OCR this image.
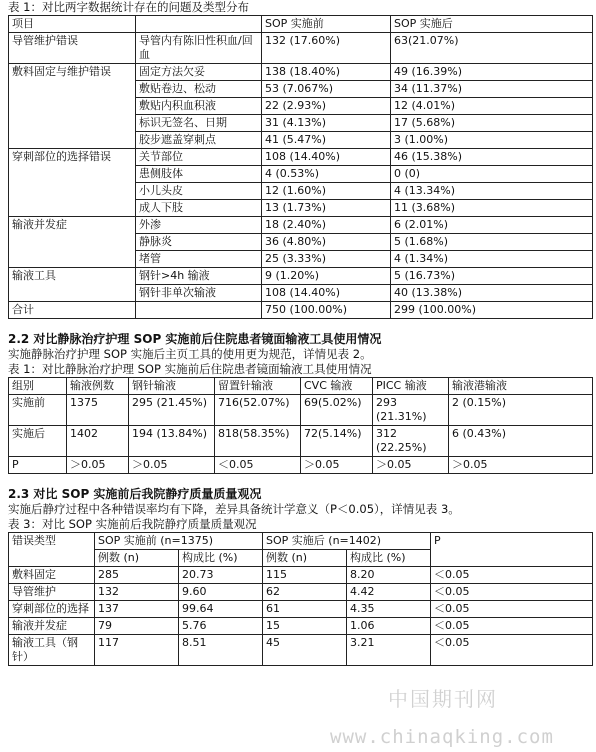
表 1：对比两字数据统计存在的问题及类型分布
项目		SOP 实施前	SOP 实施后
导管维护错误	导管内有陈旧性积血/回血	132 (17.60%)	63(21.07%)
敷料固定与维护错误	固定方法欠妥	138 (18.40%)	49 (16.39%)
	敷贴卷边、松动	53 (7.067%)	34 (11.37%)
	敷贴内积血积液	22 (2.93%)	12 (4.01%)
	标识无签名、日期	31 (4.13%)	17 (5.68%)
	胶步遮盖穿刺点	41 (5.47%)	3 (1.00%)
穿刺部位的选择错误	关节部位	108 (14.40%)	46 (15.38%)
	患侧肢体	4 (0.53%)	0 (0)
	小儿头皮	12 (1.60%)	4 (13.34%)
	成人下肢	13 (1.73%)	11 (3.68%)
输液并发症	外渗	18 (2.40%)	6 (2.01%)
	静脉炎	36 (4.80%)	5 (1.68%)
	堵管	25 (3.33%)	4 (1.34%)
输液工具	钢针>4h 输液	9 (1.20%)	5 (16.73%)
	钢针非单次输液	108 (14.40%)	40 (13.38%)
合计		750 (100.00%)	299 (100.00%)
2.2 对比静脉治疗护理 SOP 实施前后住院患者镜面输液工具使用情况
实施静脉治疗护理 SOP 实施后主页工具的使用更为规范，详情见表 2。
表 1：对比静脉治疗护理 SOP 实施前后住院患者镜面输液工具使用情况
组别	输液例数	钢针输液	留置针输液	CVC 输液	PICC 输液	输液港输液
实施前	1375	295 (21.45%)	716(52.07%)	69(5.02%)	293 (21.31%)	2 (0.15%)
实施后	1402	194 (13.84%)	818(58.35%)	72(5.14%)	312 (22.25%)	6 (0.43%)
P	＞0.05	＞0.05	＜0.05	＞0.05	＞0.05	＞0.05
2.3 对比 SOP 实施前后我院静疗质量质量观况
实施后静疗过程中各种错误率均有下降，差异具备统计学意义（P＜0.05），详情见表 3。
表 3：对比 SOP 实施前后我院静疗质量质量观况
错误类型	SOP 实施前 (n=1375)		SOP 实施后 (n=1402)		P
	例数 (n)	构成比 (%)	例数 (n)	构成比 (%)	
敷料固定	285	20.73	115	8.20	＜0.05
导管维护	132	9.60	62	4.42	＜0.05
穿刺部位的选择	137	99.64	61	4.35	＜0.05
输液并发症	79	5.76	15	1.06	＜0.05
输液工具（钢针）	117	8.51	45	3.21	＜0.05
中国期刊网
www.chinaqking.com
